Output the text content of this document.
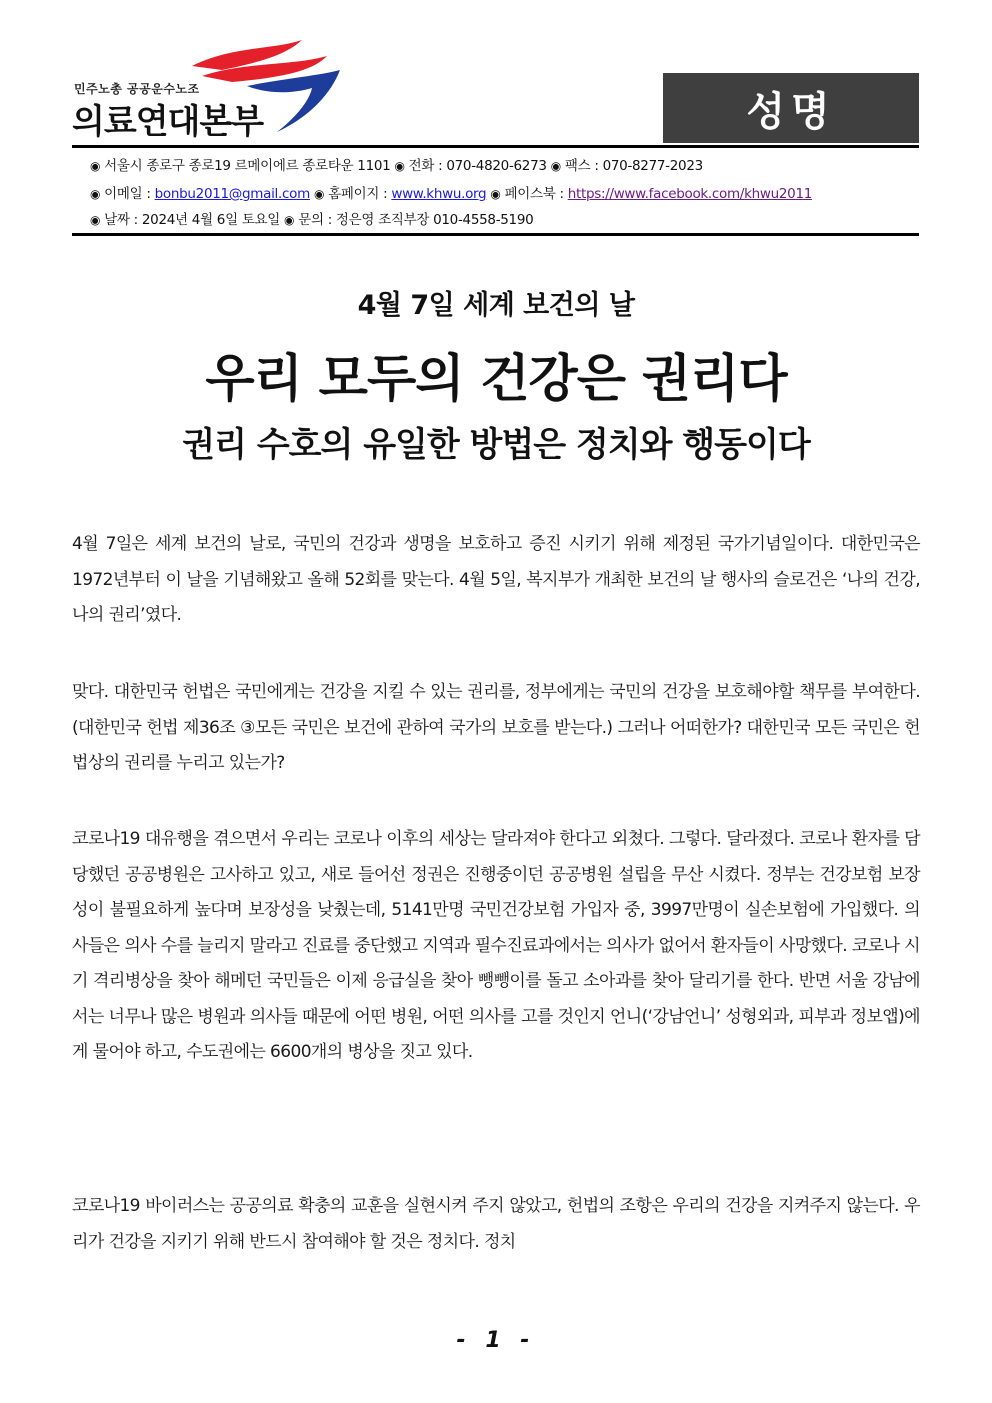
민주노총 공공운수노조
의료연대본부	성명
◉ 서울시 종로구 종로19 르메이에르 종로타운 1101 ◉ 전화 : 070-4820-6273 ◉ 팩스 : 070-8277-2023
◉ 이메일 : bonbu2011@gmail.com ◉ 홈페이지 : www.khwu.org ◉ 페이스북 : https://www.facebook.com/khwu2011
◉ 날짜 : 2024년 4월 6일 토요일 ◉ 문의 : 정은영 조직부장 010-4558-5190
4월 7일 세계 보건의 날
우리 모두의 건강은 권리다
권리 수호의 유일한 방법은 정치와 행동이다
4월 7일은 세계 보건의 날로, 국민의 건강과 생명을 보호하고 증진 시키기 위해 제정된 국가기념일이다. 대한민국은 1972년부터 이 날을 기념해왔고 올해 52회를 맞는다. 4월 5일, 복지부가 개최한 보건의 날 행사의 슬로건은 ‘나의 건강, 나의 권리’였다.
맞다. 대한민국 헌법은 국민에게는 건강을 지킬 수 있는 권리를, 정부에게는 국민의 건강을 보호해야할 책무를 부여한다.(대한민국 헌법 제36조 ③모든 국민은 보건에 관하여 국가의 보호를 받는다.) 그러나 어떠한가? 대한민국 모든 국민은 헌법상의 권리를 누리고 있는가?
코로나19 대유행을 겪으면서 우리는 코로나 이후의 세상는 달라져야 한다고 외쳤다. 그렇다. 달라졌다. 코로나 환자를 담당했던 공공병원은 고사하고 있고, 새로 들어선 정권은 진행중이던 공공병원 설립을 무산 시켰다. 정부는 건강보험 보장성이 불필요하게 높다며 보장성을 낮췄는데, 5141만명 국민건강보험 가입자 중, 3997만명이 실손보험에 가입했다. 의사들은 의사 수를 늘리지 말라고 진료를 중단했고 지역과 필수진료과에서는 의사가 없어서 환자들이 사망했다. 코로나 시기 격리병상을 찾아 해메던 국민들은 이제 응급실을 찾아 뺑뺑이를 돌고 소아과를 찾아 달리기를 한다. 반면 서울 강남에서는 너무나 많은 병원과 의사들 때문에 어떤 병원, 어떤 의사를 고를 것인지 언니(‘강남언니’ 성형외과, 피부과 정보앱)에게 물어야 하고, 수도권에는 6600개의 병상을 짓고 있다.
코로나19 바이러스는 공공의료 확충의 교훈을 실현시켜 주지 않았고, 헌법의 조항은 우리의 건강을 지켜주지 않는다. 우리가 건강을 지키기 위해 반드시 참여해야 할 것은 정치다. 정치
- 1 -
